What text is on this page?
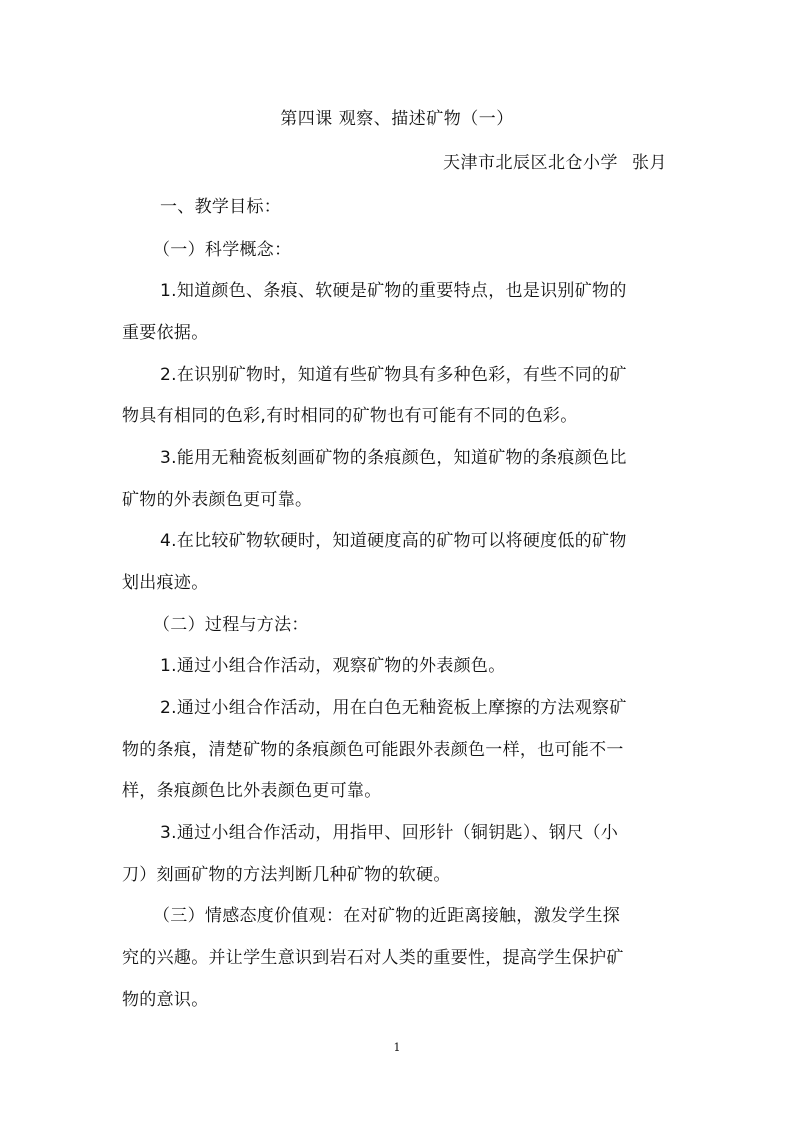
第四课 观察、描述矿物（一）
天津市北辰区北仓小学 张月
一、教学目标：
（一）科学概念：
1.知道颜色、条痕、软硬是矿物的重要特点，也是识别矿物的
重要依据。
2.在识别矿物时，知道有些矿物具有多种色彩，有些不同的矿
物具有相同的色彩,有时相同的矿物也有可能有不同的色彩。
3.能用无釉瓷板刻画矿物的条痕颜色，知道矿物的条痕颜色比
矿物的外表颜色更可靠。
4.在比较矿物软硬时，知道硬度高的矿物可以将硬度低的矿物
划出痕迹。
（二）过程与方法：
1.通过小组合作活动，观察矿物的外表颜色。
2.通过小组合作活动，用在白色无釉瓷板上摩擦的方法观察矿
物的条痕，清楚矿物的条痕颜色可能跟外表颜色一样，也可能不一
样，条痕颜色比外表颜色更可靠。
3.通过小组合作活动，用指甲、回形针（铜钥匙）、钢尺（小
刀）刻画矿物的方法判断几种矿物的软硬。
（三）情感态度价值观：在对矿物的近距离接触，激发学生探
究的兴趣。并让学生意识到岩石对人类的重要性，提高学生保护矿
物的意识。
1
